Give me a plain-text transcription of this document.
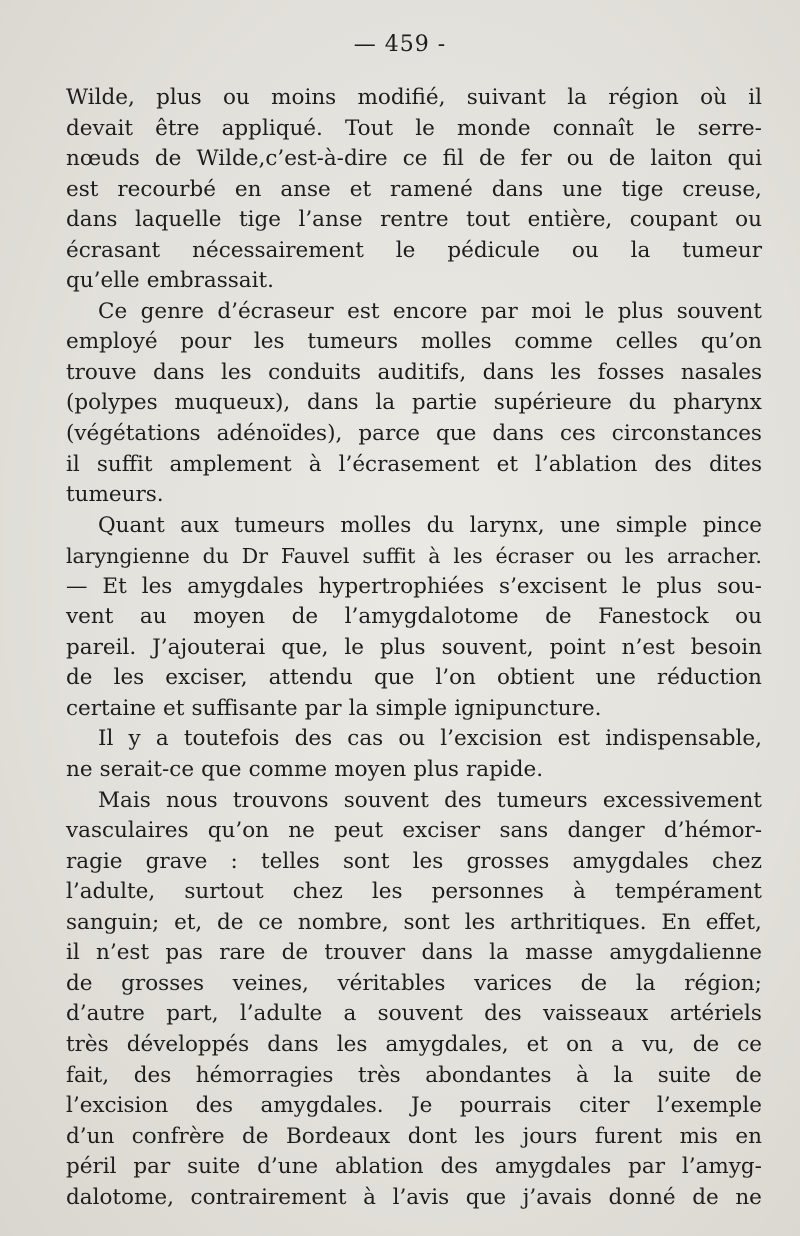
— 459 -
Wilde, plus ou moins modifié, suivant la région où il
devait être appliqué. Tout le monde connaît le serre-
nœuds de Wilde,c’est-à-dire ce fil de fer ou de laiton qui
est recourbé en anse et ramené dans une tige creuse,
dans laquelle tige l’anse rentre tout entière, coupant ou
écrasant nécessairement le pédicule ou la tumeur
qu’elle embrassait.
Ce genre d’écraseur est encore par moi le plus souvent
employé pour les tumeurs molles comme celles qu’on
trouve dans les conduits auditifs, dans les fosses nasales
(polypes muqueux), dans la partie supérieure du pharynx
(végétations adénoïdes), parce que dans ces circonstances
il suffit amplement à l’écrasement et l’ablation des dites
tumeurs.
Quant aux tumeurs molles du larynx, une simple pince
laryngienne du Dr Fauvel suffit à les écraser ou les arracher.
— Et les amygdales hypertrophiées s’excisent le plus sou-
vent au moyen de l’amygdalotome de Fanestock ou
pareil. J’ajouterai que, le plus souvent, point n’est besoin
de les exciser, attendu que l’on obtient une réduction
certaine et suffisante par la simple ignipuncture.
Il y a toutefois des cas ou l’excision est indispensable,
ne serait-ce que comme moyen plus rapide.
Mais nous trouvons souvent des tumeurs excessivement
vasculaires qu’on ne peut exciser sans danger d’hémor-
ragie grave : telles sont les grosses amygdales chez
l’adulte, surtout chez les personnes à tempérament
sanguin; et, de ce nombre, sont les arthritiques. En effet,
il n’est pas rare de trouver dans la masse amygdalienne
de grosses veines, véritables varices de la région;
d’autre part, l’adulte a souvent des vaisseaux artériels
très développés dans les amygdales, et on a vu, de ce
fait, des hémorragies très abondantes à la suite de
l’excision des amygdales. Je pourrais citer l’exemple
d’un confrère de Bordeaux dont les jours furent mis en
péril par suite d’une ablation des amygdales par l’amyg-
dalotome, contrairement à l’avis que j’avais donné de ne
